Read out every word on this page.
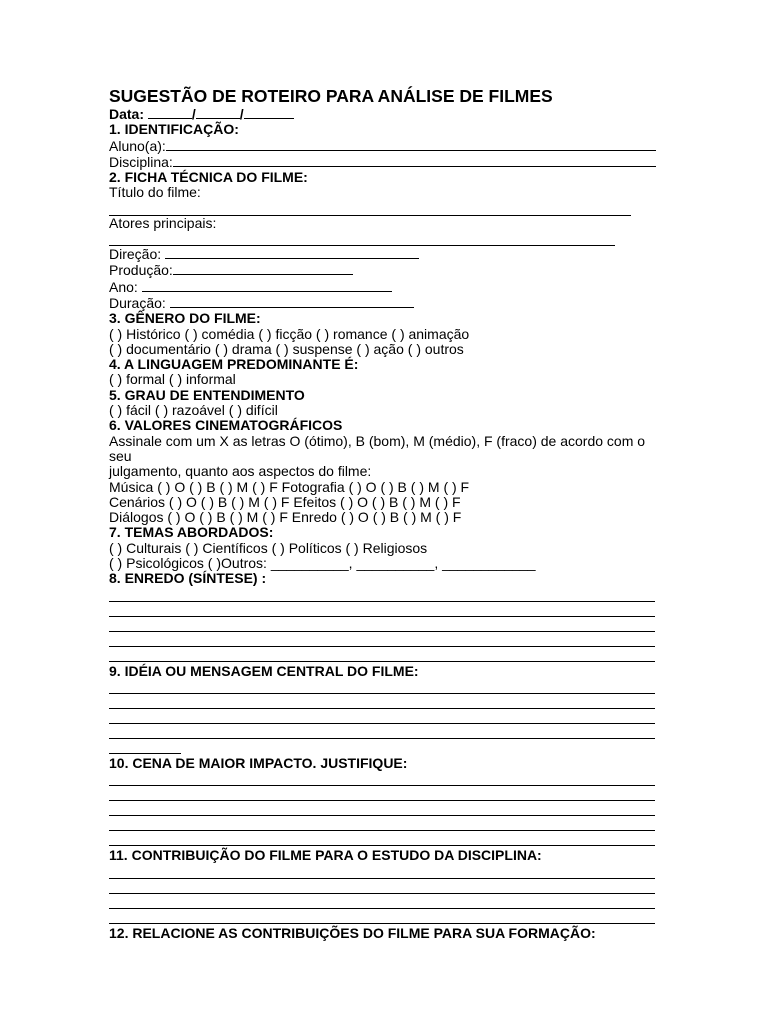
SUGESTÃO DE ROTEIRO PARA ANÁLISE DE FILMES
Data:	/	/
1. IDENTIFICAÇÃO:
Aluno(a):
Disciplina:
2. FICHA TÉCNICA DO FILME:
Título do filme:
Atores principais:
Direção:
Produção:
Ano:
Duração:
3. GÊNERO DO FILME:
( ) Histórico ( ) comédia ( ) ficção ( ) romance ( ) animação
( ) documentário ( ) drama ( ) suspense ( ) ação ( ) outros
4. A LINGUAGEM PREDOMINANTE É:
( ) formal ( ) informal
5. GRAU DE ENTENDIMENTO
( ) fácil ( ) razoável ( ) difícil
6. VALORES CINEMATOGRÁFICOS
Assinale com um X as letras O (ótimo), B (bom), M (médio), F (fraco) de acordo com o
seu
julgamento, quanto aos aspectos do filme:
Música ( ) O ( ) B ( ) M ( ) F Fotografia ( ) O ( ) B ( ) M ( ) F
Cenários ( ) O ( ) B ( ) M ( ) F Efeitos ( ) O ( ) B ( ) M ( ) F
Diálogos ( ) O ( ) B ( ) M ( ) F Enredo ( ) O ( ) B ( ) M ( ) F
7. TEMAS ABORDADOS:
( ) Culturais ( ) Científicos ( ) Políticos ( ) Religiosos
( ) Psicológicos ( )Outros: __________, __________, ____________
8. ENREDO (SÍNTESE) :
9. IDÉIA OU MENSAGEM CENTRAL DO FILME:
10. CENA DE MAIOR IMPACTO. JUSTIFIQUE:
11. CONTRIBUIÇÃO DO FILME PARA O ESTUDO DA DISCIPLINA:
12. RELACIONE AS CONTRIBUIÇÕES DO FILME PARA SUA FORMAÇÃO:
